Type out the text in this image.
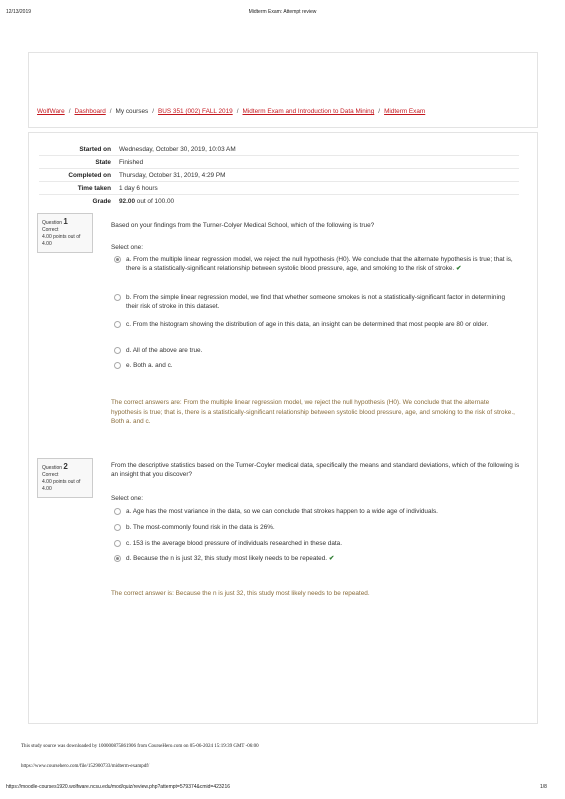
12/13/2019	Midterm Exam: Attempt review
WolfWare / Dashboard / My courses / BUS 351 (002) FALL 2019 / Midterm Exam and Introduction to Data Mining / Midterm Exam
Started on	Wednesday, October 30, 2019, 10:03 AM
State	Finished
Completed on	Thursday, October 31, 2019, 4:29 PM
Time taken	1 day 6 hours
Grade	92.00 out of 100.00
Question 1
Correct
4.00 points out of 4.00
Based on your findings from the Turner-Colyer Medical School, which of the following is true?
Select one:
a. From the multiple linear regression model, we reject the null hypothesis (H0). We conclude that the alternate hypothesis is true; that is, there is a statistically-significant relationship between systolic blood pressure, age, and smoking to the risk of stroke. ✔
b. From the simple linear regression model, we find that whether someone smokes is not a statistically-significant factor in determining their risk of stroke in this dataset.
c. From the histogram showing the distribution of age in this data, an insight can be determined that most people are 80 or older.
d. All of the above are true.
e. Both a. and c.
The correct answers are: From the multiple linear regression model, we reject the null hypothesis (H0). We conclude that the alternate hypothesis is true; that is, there is a statistically-significant relationship between systolic blood pressure, age, and smoking to the risk of stroke., Both a. and c.
Question 2
Correct
4.00 points out of 4.00
From the descriptive statistics based on the Turner-Coyler medical data, specifically the means and standard deviations, which of the following is an insight that you discover?
Select one:
a. Age has the most variance in the data, so we can conclude that strokes happen to a wide age of individuals.
b. The most-commonly found risk in the data is 26%.
c. 153 is the average blood pressure of individuals researched in these data.
d. Because the n is just 32, this study most likely needs to be repeated. ✔
The correct answer is: Because the n is just 32, this study most likely needs to be repeated.
This study source was downloaded by 100000875861906 from CourseHero.com on 05-06-2024 15:19:39 GMT -06:00
https://www.coursehero.com/file/152900733/midterm-exampdf/
https://moodle-courses1920.wolfware.ncsu.edu/mod/quiz/review.php?attempt=579374&cmid=423216	1/8
